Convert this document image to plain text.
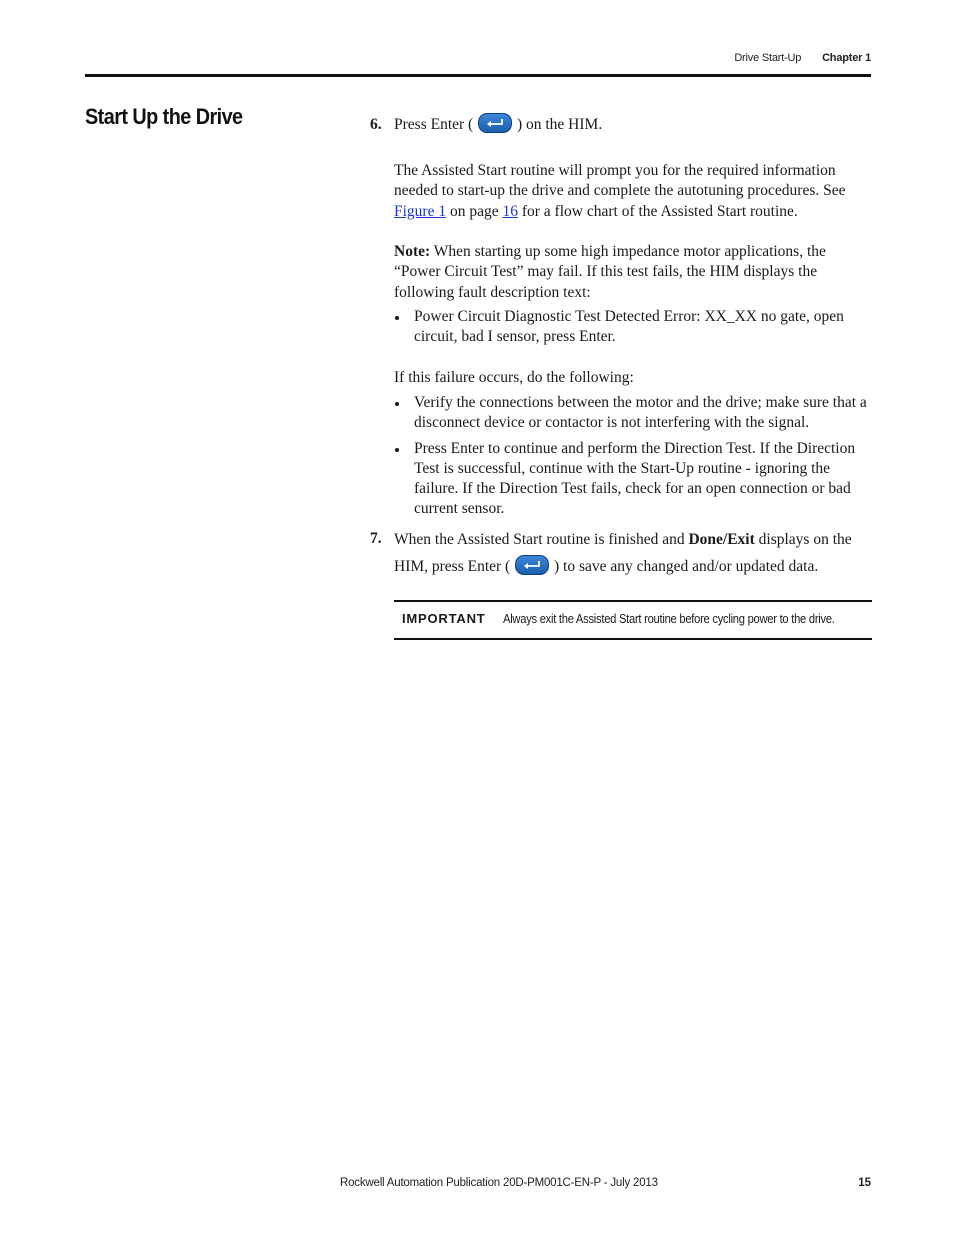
Drive Start-Up Chapter 1
Start Up the Drive	6. Press Enter (	) on the HIM.
The Assisted Start routine will prompt you for the required information needed to start-up the drive and complete the autotuning procedures. See Figure 1 on page 16 for a flow chart of the Assisted Start routine.
Note: When starting up some high impedance motor applications, the “Power Circuit Test” may fail. If this test fails, the HIM displays the following fault description text:
Power Circuit Diagnostic Test Detected Error: XX_XX no gate, open circuit, bad I sensor, press Enter.
If this failure occurs, do the following:
Verify the connections between the motor and the drive; make sure that a disconnect device or contactor is not interfering with the signal.
Press Enter to continue and perform the Direction Test. If the Direction Test is successful, continue with the Start-Up routine - ignoring the failure. If the Direction Test fails, check for an open connection or bad current sensor.
7. When the Assisted Start routine is finished and Done/Exit displays on the HIM, press Enter (	) to save any changed and/or updated data.
IMPORTANT Always exit the Assisted Start routine before cycling power to the drive.
Rockwell Automation Publication 20D-PM001C-EN-P - July 2013	15
